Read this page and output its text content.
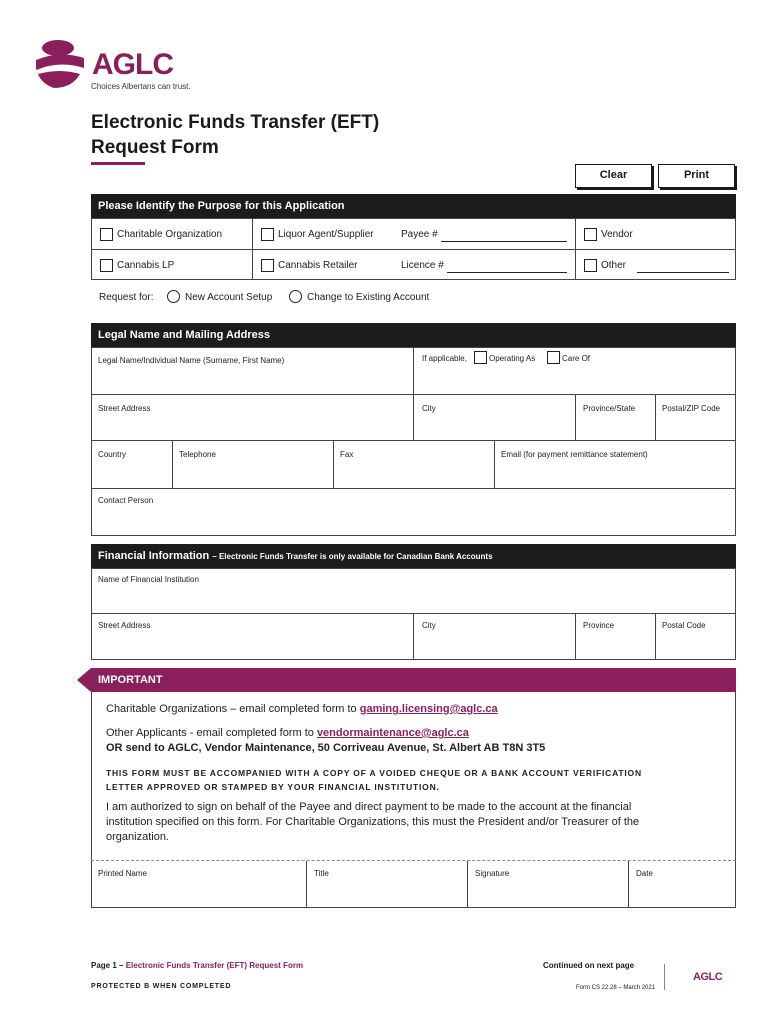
AGLC
Choices Albertans can trust.
Electronic Funds Transfer (EFT)
Request Form
Clear	Print
Please Identify the Purpose for this Application
Charitable Organization	Liquor Agent/Supplier	Payee #	Vendor
Cannabis LP	Cannabis Retailer	Licence #	Other
Request for:	New Account Setup	Change to Existing Account
Legal Name and Mailing Address
Legal Name/Individual Name (Surname, First Name)	If applicable,	Operating As	Care Of
Street Address	City	Province/State	Postal/ZIP Code
Country	Telephone	Fax	Email (for payment remittance statement)
Contact Person
Financial Information – Electronic Funds Transfer is only available for Canadian Bank Accounts
Name of Financial Institution
Street Address	City	Province	Postal Code
IMPORTANT
Charitable Organizations – email completed form to gaming.licensing@aglc.ca
Other Applicants - email completed form to vendormaintenance@aglc.ca
OR send to AGLC, Vendor Maintenance, 50 Corriveau Avenue, St. Albert AB T8N 3T5
THIS FORM MUST BE ACCOMPANIED WITH A COPY OF A VOIDED CHEQUE OR A BANK ACCOUNT VERIFICATION
LETTER APPROVED OR STAMPED BY YOUR FINANCIAL INSTITUTION.
I am authorized to sign on behalf of the Payee and direct payment to be made to the account at the financial
institution specified on this form. For Charitable Organizations, this must the President and/or Treasurer of the
organization.
Printed Name	Title	Signature	Date
Page 1 – Electronic Funds Transfer (EFT) Request Form	Continued on next page
PROTECTED B WHEN COMPLETED	Form CS 22.28 – March 2021
AGLC
